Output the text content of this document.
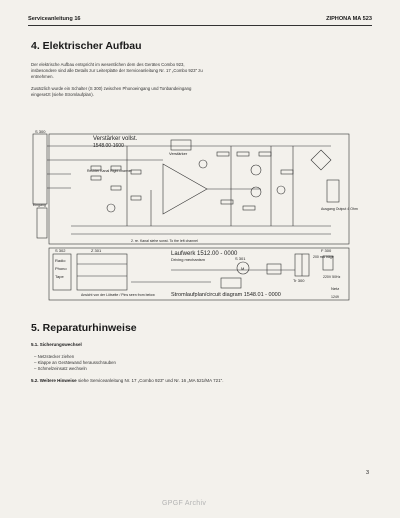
Serviceanleitung 16	ZIPHONA MA 523
4. Elektrischer Aufbau
Der elektrische Aufbau entspricht im wesentlichen dem des Gerätes Combo 923, insbesondere sind alle Details zur Leiterplatte der Serviceanleitung Nr. 17 „Combo 923" zu entnehmen.
Zusätzlich wurde ein Schalter (S 300) zwischen Phonoeingang und Tonbandeingang eingesetzt (siehe Stromlaufplan).
Verstärker vollst.
1548.00-1600
Verstärker
Rechter Kanal Right channel
2. re. Kanal siehe sonst. To the left channel
Laufwerk 1512.00 - 0000
Driving mechanism
Stromlaufplan/circuit diagram 1548.01 - 0000
Ausgang Output 4 Ohm
220V 50Hz
Ansicht von der Lötseite / Pins seen from below
Eingang
S 300
S 301
Z 301	F 300
200 mA träge
Netz
Tr 300
M
Radio
Tape
Phono
S 302
1249
5. Reparaturhinweise
5.1. Sicherungswechsel
– Netzstecker ziehen
– Klappe an Gerätewand herausschrauben
– Schmelzeinsatz wechseln
5.2. Weitere Hinweise siehe Serviceanleitung Nr. 17 „Combo 923" und Nr. 16 „MA 521/MA 721".
3
GPGF Archiv
